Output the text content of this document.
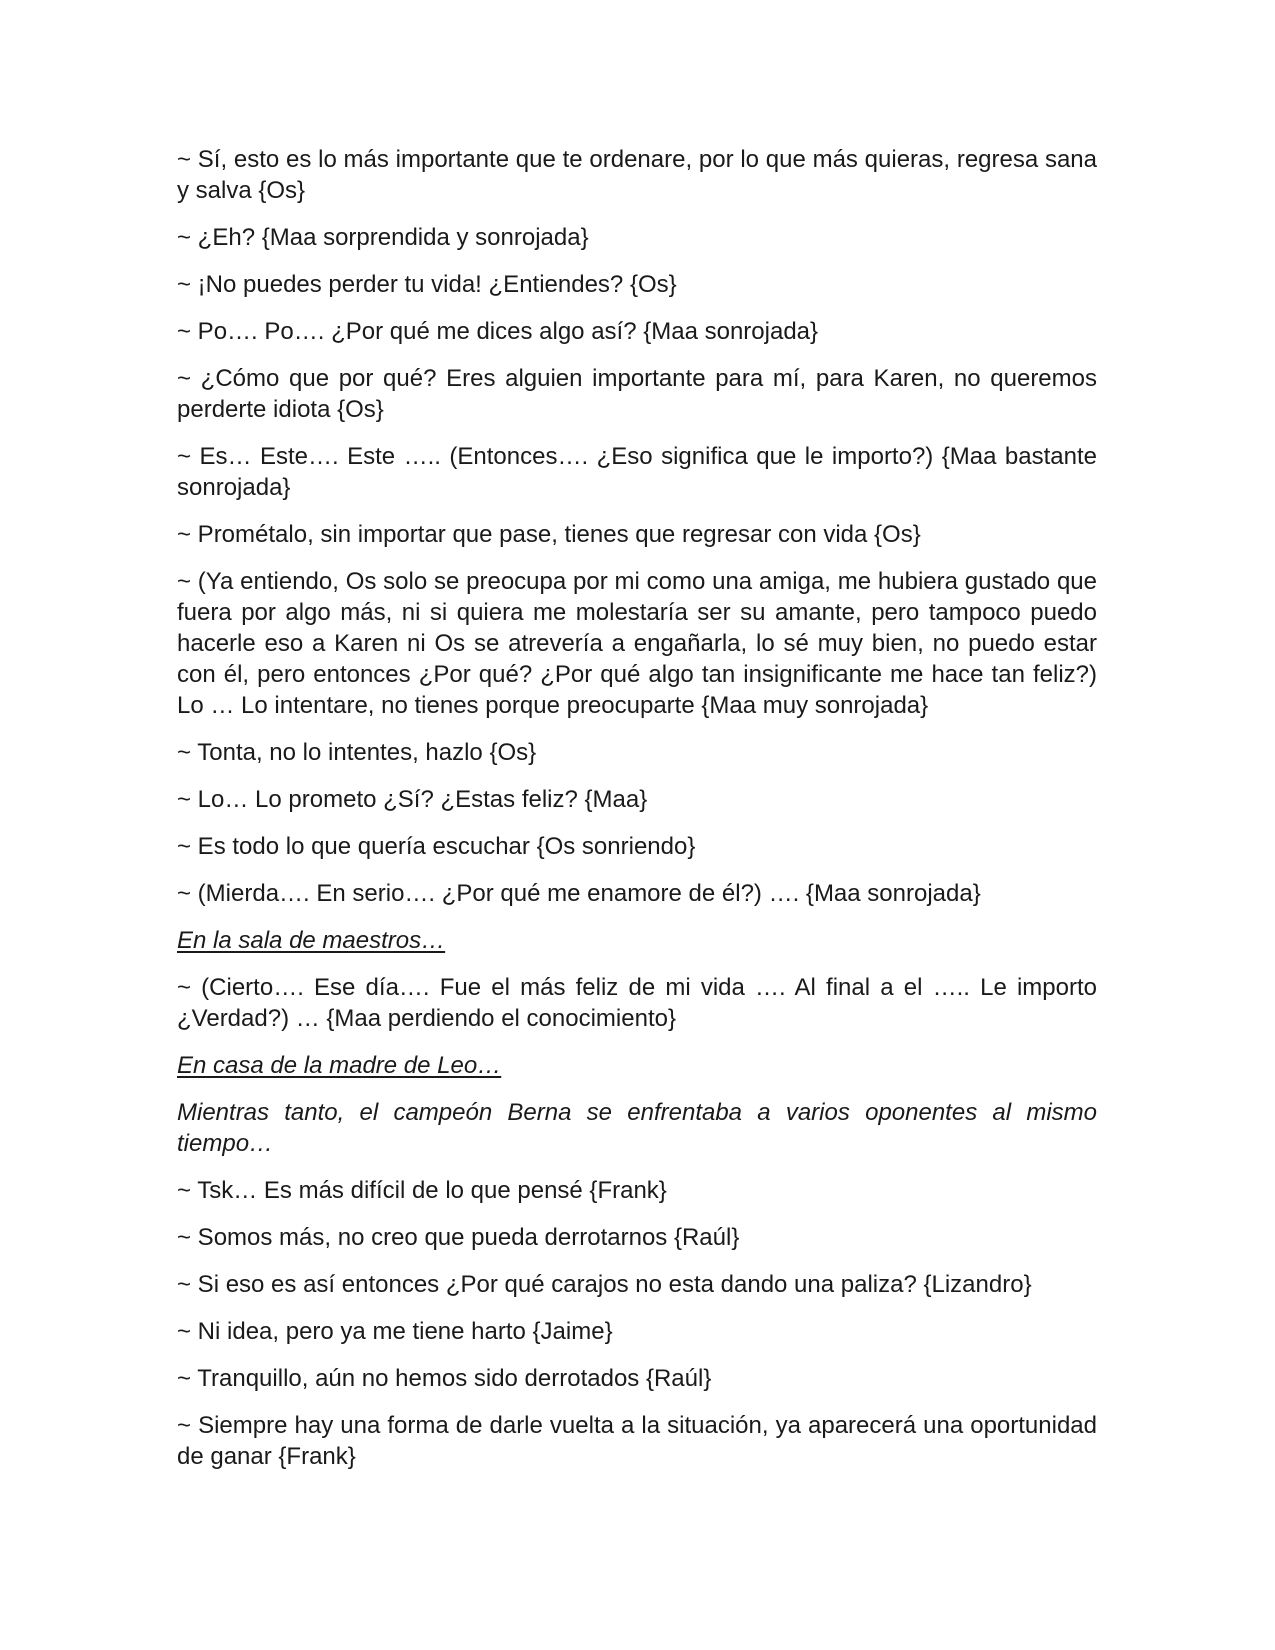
~ Sí, esto es lo más importante que te ordenare, por lo que más quieras, regresa sana y salva {Os}

~ ¿Eh? {Maa sorprendida y sonrojada}

~ ¡No puedes perder tu vida! ¿Entiendes? {Os}

~ Po…. Po…. ¿Por qué me dices algo así? {Maa sonrojada}

~ ¿Cómo que por qué? Eres alguien importante para mí, para Karen, no queremos perderte idiota {Os}

~ Es… Este…. Este ….. (Entonces…. ¿Eso significa que le importo?) {Maa bastante sonrojada}

~ Prométalo, sin importar que pase, tienes que regresar con vida {Os}

~ (Ya entiendo, Os solo se preocupa por mi como una amiga, me hubiera gustado que fuera por algo más, ni si quiera me molestaría ser su amante, pero tampoco puedo hacerle eso a Karen ni Os se atrevería a engañarla, lo sé muy bien, no puedo estar con él, pero entonces ¿Por qué? ¿Por qué algo tan insignificante me hace tan feliz?) Lo … Lo intentare, no tienes porque preocuparte {Maa muy sonrojada}

~ Tonta, no lo intentes, hazlo {Os}

~ Lo… Lo prometo ¿Sí? ¿Estas feliz? {Maa}

~ Es todo lo que quería escuchar {Os sonriendo}

~ (Mierda…. En serio…. ¿Por qué me enamore de él?) …. {Maa sonrojada}

En la sala de maestros…

~ (Cierto…. Ese día…. Fue el más feliz de mi vida …. Al final a el ….. Le importo ¿Verdad?) … {Maa perdiendo el conocimiento}

En casa de la madre de Leo…

Mientras tanto, el campeón Berna se enfrentaba a varios oponentes al mismo tiempo…

~ Tsk… Es más difícil de lo que pensé {Frank}

~ Somos más, no creo que pueda derrotarnos {Raúl}

~ Si eso es así entonces ¿Por qué carajos no esta dando una paliza? {Lizandro}

~ Ni idea, pero ya me tiene harto {Jaime}

~ Tranquillo, aún no hemos sido derrotados {Raúl}

~ Siempre hay una forma de darle vuelta a la situación, ya aparecerá una oportunidad de ganar {Frank}
